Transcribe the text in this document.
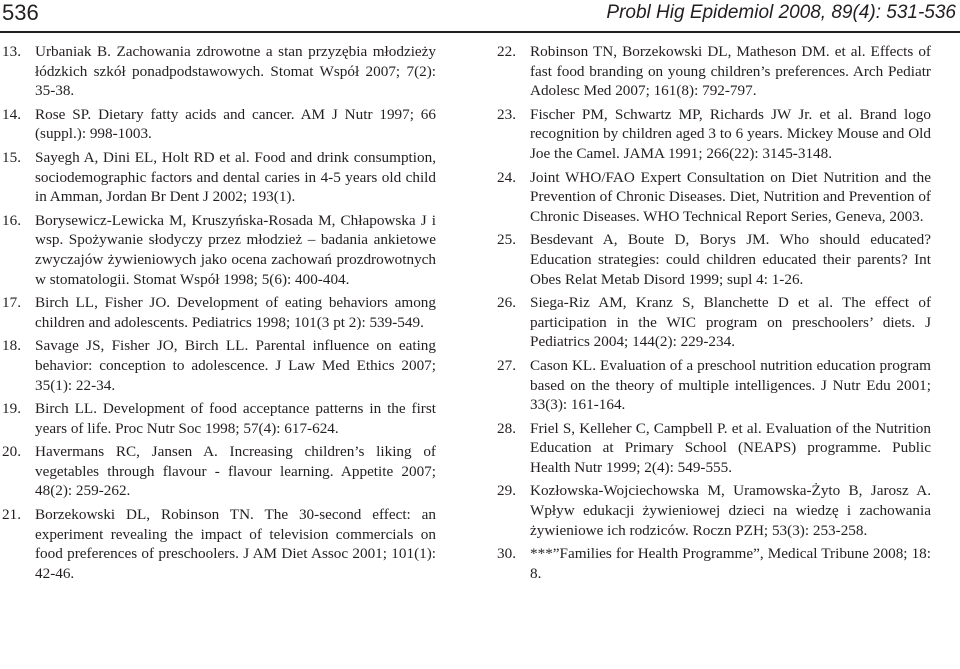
536	Probl Hig Epidemiol 2008, 89(4): 531-536
13. Urbaniak B. Zachowania zdrowotne a stan przyzębia młodzieży łódzkich szkół ponadpodstawowych. Stomat Współ 2007; 7(2): 35-38.
14. Rose SP. Dietary fatty acids and cancer. AM J Nutr 1997; 66 (suppl.): 998-1003.
15. Sayegh A, Dini EL, Holt RD et al. Food and drink consumption, sociodemographic factors and dental caries in 4-5 years old child in Amman, Jordan Br Dent J 2002; 193(1).
16. Borysewicz-Lewicka M, Kruszyńska-Rosada M, Chłapowska J i wsp. Spożywanie słodyczy przez młodzież – badania ankietowe zwyczajów żywieniowych jako ocena zachowań prozdrowotnych w stomatologii. Stomat Współ 1998; 5(6): 400-404.
17. Birch LL, Fisher JO. Development of eating behaviors among children and adolescents. Pediatrics 1998; 101(3 pt 2): 539-549.
18. Savage JS, Fisher JO, Birch LL. Parental influence on eating behavior: conception to adolescence. J Law Med Ethics 2007; 35(1): 22-34.
19. Birch LL. Development of food acceptance patterns in the first years of life. Proc Nutr Soc 1998; 57(4): 617-624.
20. Havermans RC, Jansen A. Increasing children’s liking of vegetables through flavour - flavour learning. Appetite 2007; 48(2): 259-262.
21. Borzekowski DL, Robinson TN. The 30-second effect: an experiment revealing the impact of television commercials on food preferences of preschoolers. J AM Diet Assoc 2001; 101(1): 42-46.
22. Robinson TN, Borzekowski DL, Matheson DM. et al. Effects of fast food branding on young children’s preferences. Arch Pediatr Adolesc Med 2007; 161(8): 792-797.
23. Fischer PM, Schwartz MP, Richards JW Jr. et al. Brand logo recognition by children aged 3 to 6 years. Mickey Mouse and Old Joe the Camel. JAMA 1991; 266(22): 3145-3148.
24. Joint WHO/FAO Expert Consultation on Diet Nutrition and the Prevention of Chronic Diseases. Diet, Nutrition and Prevention of Chronic Diseases. WHO Technical Report Series, Geneva, 2003.
25. Besdevant A, Boute D, Borys JM. Who should educated? Education strategies: could children educated their parents? Int Obes Relat Metab Disord 1999; supl 4: 1-26.
26. Siega-Riz AM, Kranz S, Blanchette D et al. The effect of participation in the WIC program on preschoolers’ diets. J Pediatrics 2004; 144(2): 229-234.
27. Cason KL. Evaluation of a preschool nutrition education program based on the theory of multiple intelligences. J Nutr Edu 2001; 33(3): 161-164.
28. Friel S, Kelleher C, Campbell P. et al. Evaluation of the Nutrition Education at Primary School (NEAPS) programme. Public Health Nutr 1999; 2(4): 549-555.
29. Kozłowska-Wojciechowska M, Uramowska-Żyto B, Jarosz A. Wpływ edukacji żywieniowej dzieci na wiedzę i zachowania żywieniowe ich rodziców. Roczn PZH; 53(3): 253-258.
30. ***”Families for Health Programme”, Medical Tribune 2008; 18: 8.
